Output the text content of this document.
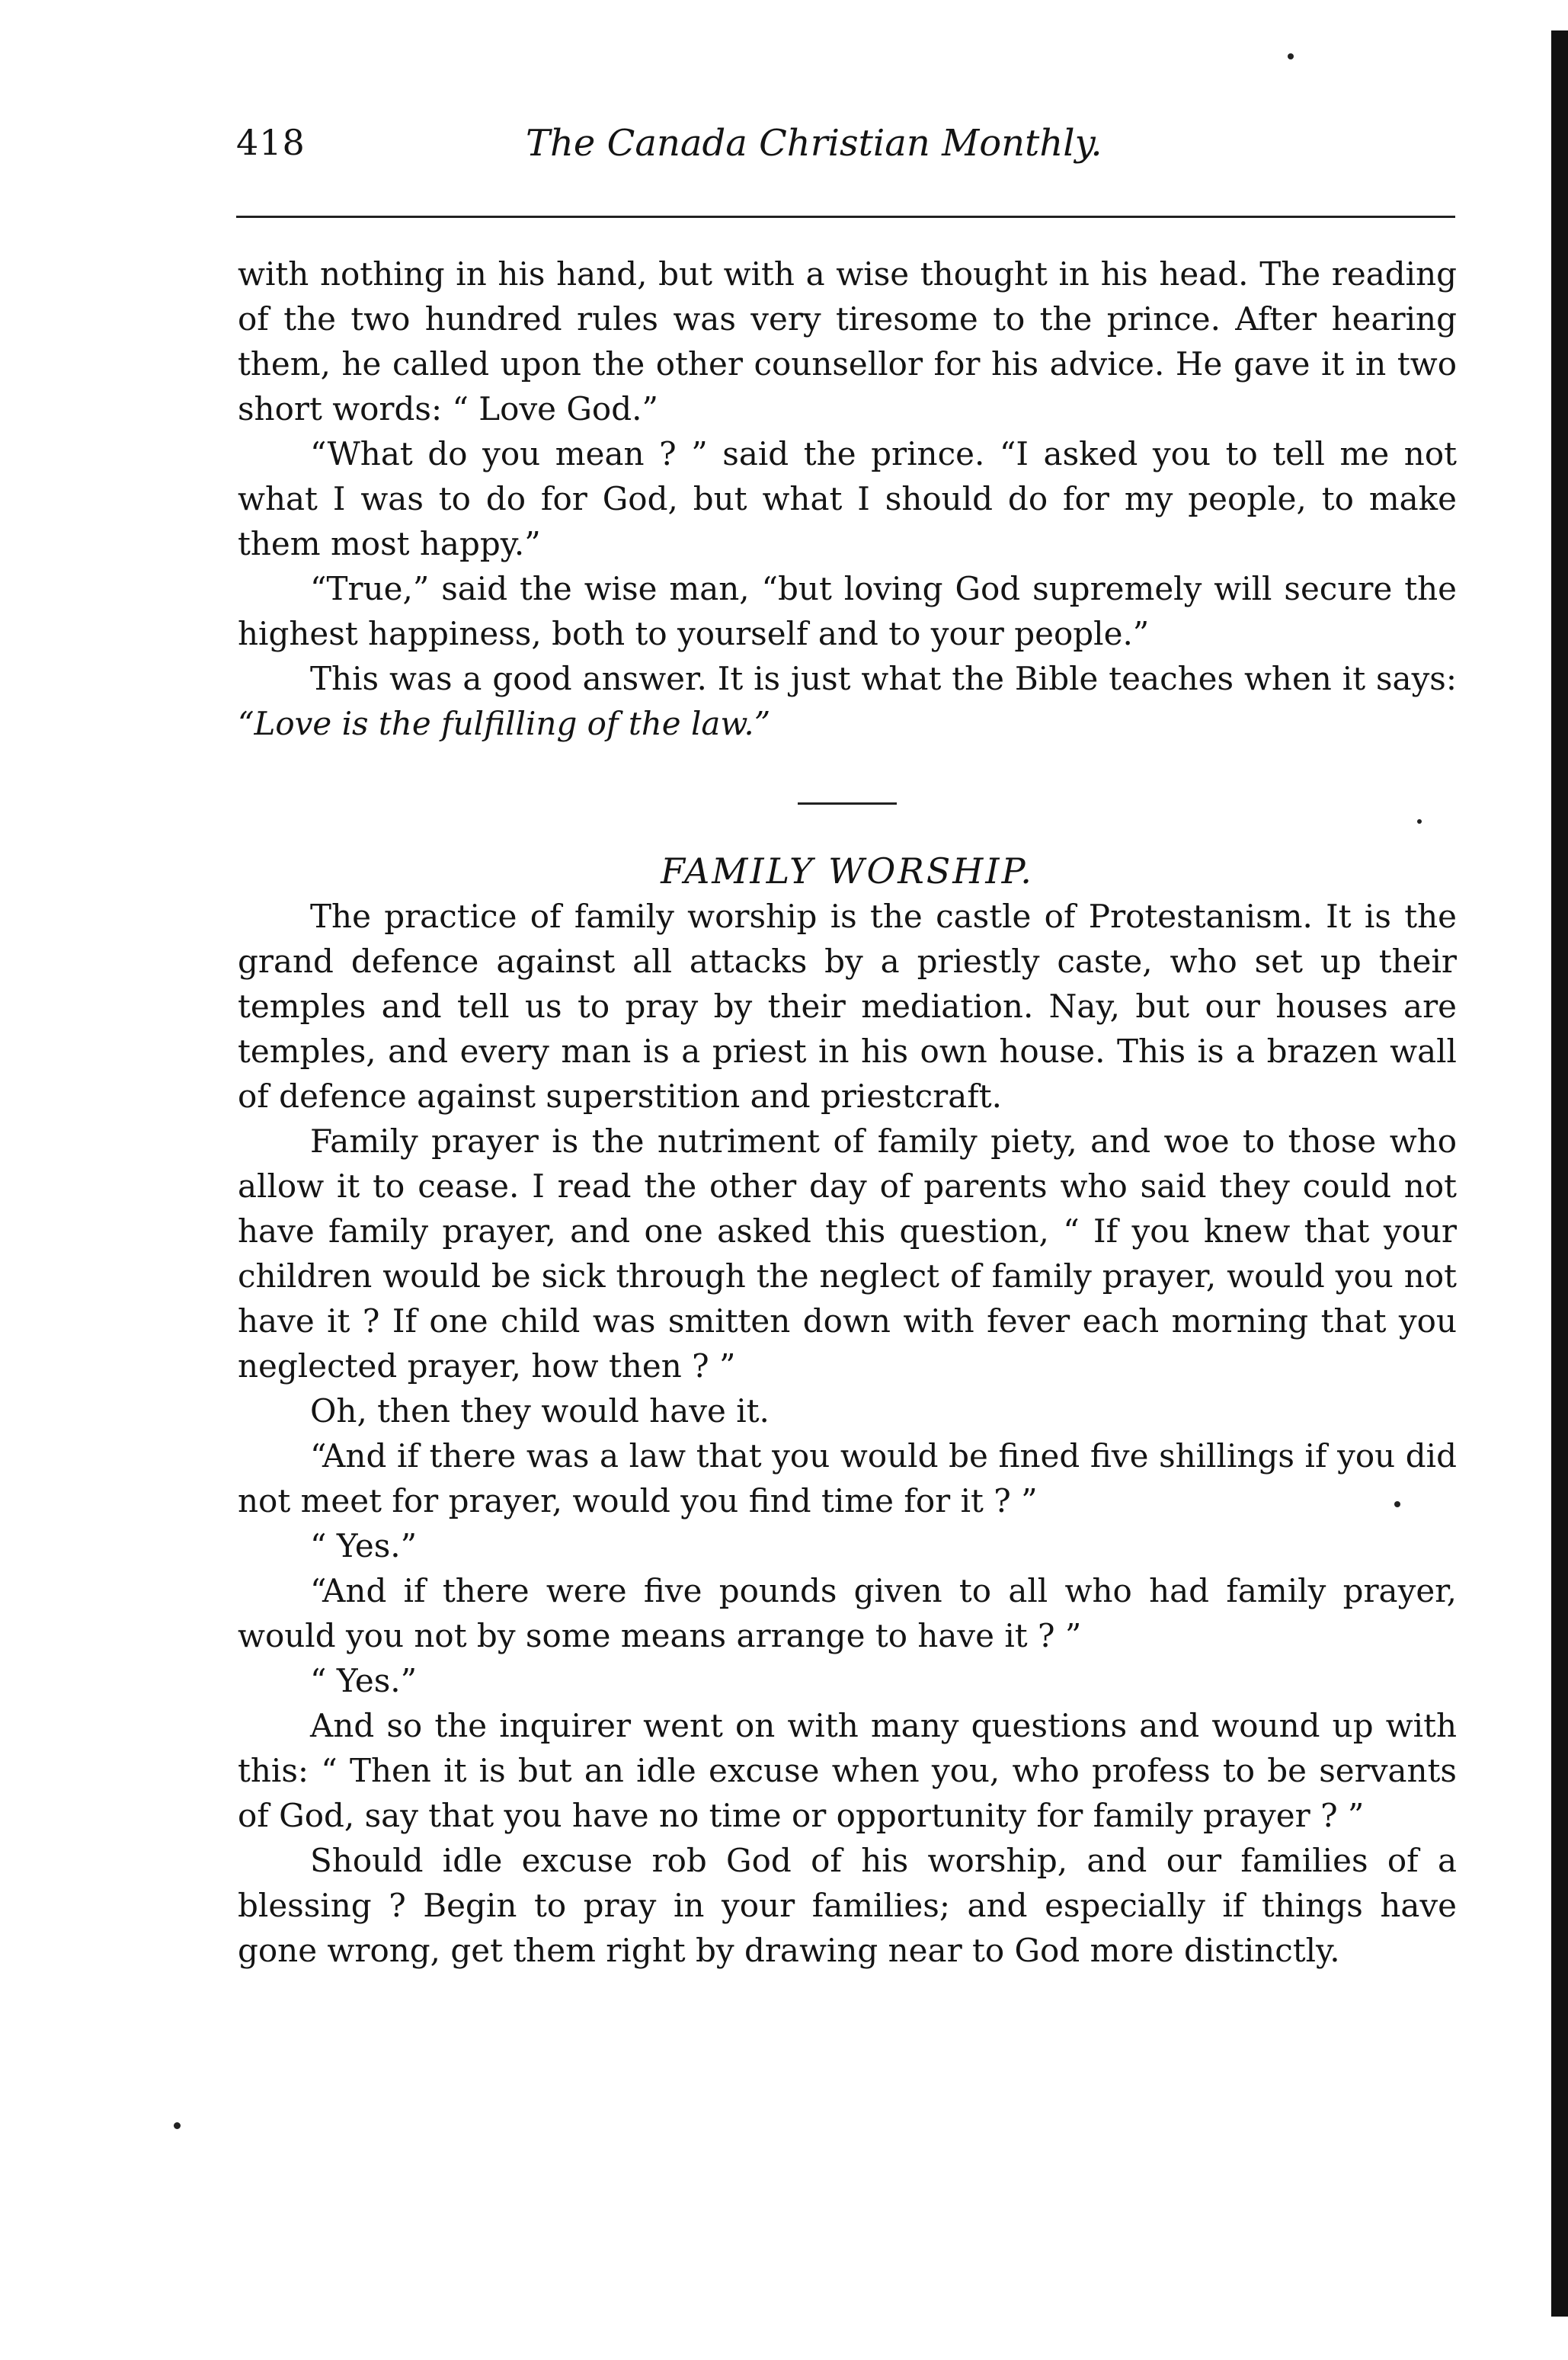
418	The Canada Christian Monthly.

with nothing in his hand, but with a wise thought in his head. The reading of the two hundred rules was very tiresome to the prince. After hearing them, he called upon the other counsellor for his advice. He gave it in two short words: “ Love God.”

“What do you mean ? ” said the prince. “I asked you to tell me not what I was to do for God, but what I should do for my people, to make them most happy.”

“True,” said the wise man, “but loving God supremely will secure the highest happiness, both to yourself and to your people.”

This was a good answer. It is just what the Bible teaches when it says: “Love is the fulfilling of the law.”

FAMILY WORSHIP.

The practice of family worship is the castle of Protestanism. It is the grand defence against all attacks by a priestly caste, who set up their temples and tell us to pray by their mediation. Nay, but our houses are temples, and every man is a priest in his own house. This is a brazen wall of defence against superstition and priestcraft.

Family prayer is the nutriment of family piety, and woe to those who allow it to cease. I read the other day of parents who said they could not have family prayer, and one asked this question, “ If you knew that your children would be sick through the neglect of family prayer, would you not have it ? If one child was smitten down with fever each morning that you neglected prayer, how then ? ”

Oh, then they would have it.

“And if there was a law that you would be fined five shillings if you did not meet for prayer, would you find time for it ? ”

“ Yes.”

“And if there were five pounds given to all who had family prayer, would you not by some means arrange to have it ? ”

“ Yes.”

And so the inquirer went on with many questions and wound up with this: “ Then it is but an idle excuse when you, who profess to be servants of God, say that you have no time or opportunity for family prayer ? ”

Should idle excuse rob God of his worship, and our families of a blessing ? Begin to pray in your families; and especially if things have gone wrong, get them right by drawing near to God more distinctly.
